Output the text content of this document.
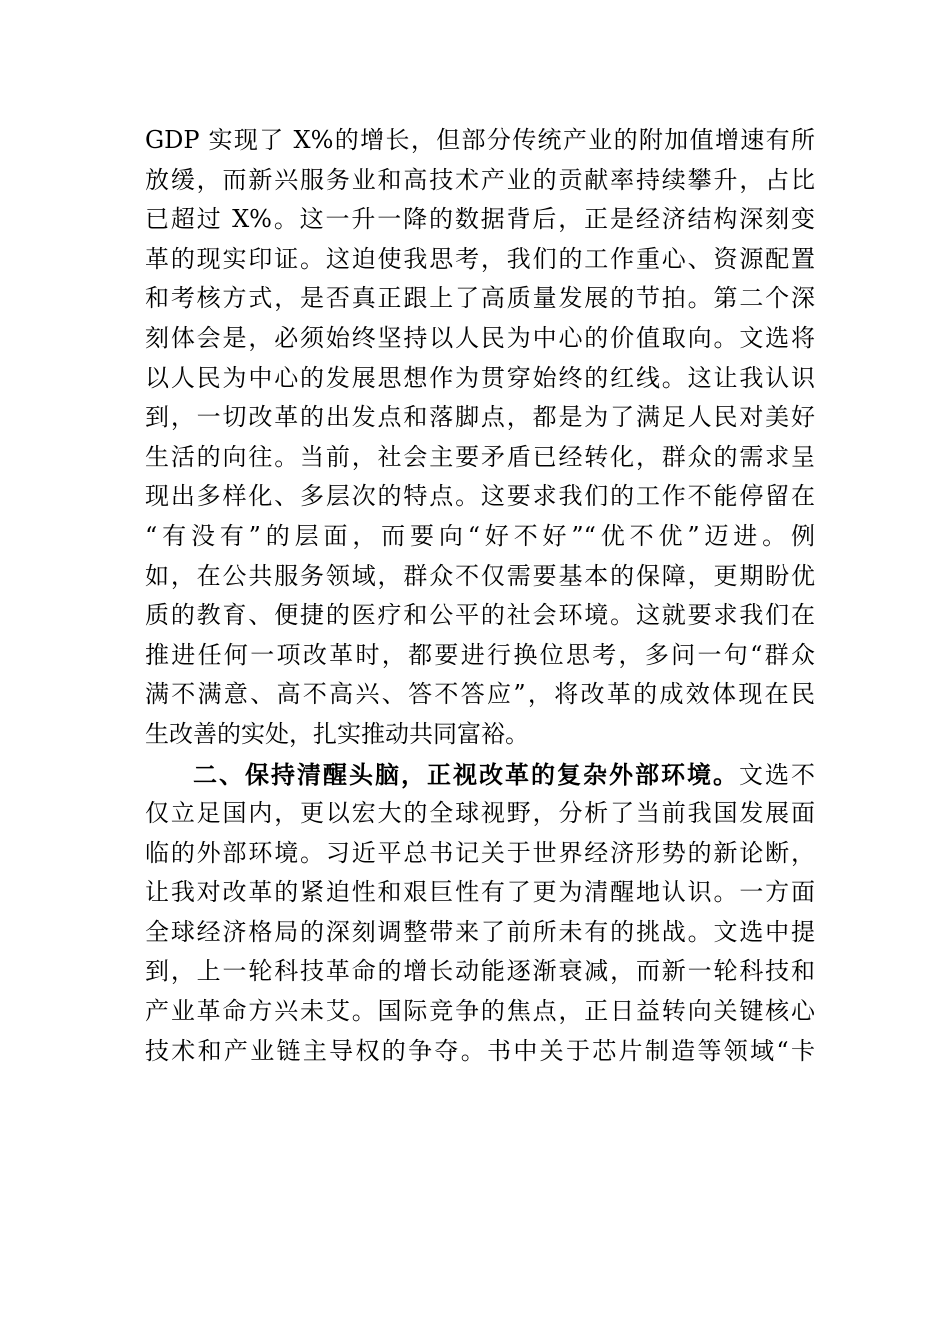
GDP 实现了 X%的增长，但部分传统产业的附加值增速有所
放缓，而新兴服务业和高技术产业的贡献率持续攀升，占比
已超过 X%。这一升一降的数据背后，正是经济结构深刻变
革的现实印证。这迫使我思考，我们的工作重心、资源配置
和考核方式，是否真正跟上了高质量发展的节拍。第二个深
刻体会是，必须始终坚持以人民为中心的价值取向。文选将
以人民为中心的发展思想作为贯穿始终的红线。这让我认识
到，一切改革的出发点和落脚点，都是为了满足人民对美好
生活的向往。当前，社会主要矛盾已经转化，群众的需求呈
现出多样化、多层次的特点。这要求我们的工作不能停留在
“有没有”的层面，而要向“好不好”“优不优”迈进。例
如，在公共服务领域，群众不仅需要基本的保障，更期盼优
质的教育、便捷的医疗和公平的社会环境。这就要求我们在
推进任何一项改革时，都要进行换位思考，多问一句“群众
满不满意、高不高兴、答不答应”，将改革的成效体现在民
生改善的实处，扎实推动共同富裕。
二、保持清醒头脑，正视改革的复杂外部环境。文选不
仅立足国内，更以宏大的全球视野，分析了当前我国发展面
临的外部环境。习近平总书记关于世界经济形势的新论断，
让我对改革的紧迫性和艰巨性有了更为清醒地认识。一方面
全球经济格局的深刻调整带来了前所未有的挑战。文选中提
到，上一轮科技革命的增长动能逐渐衰减，而新一轮科技和
产业革命方兴未艾。国际竞争的焦点，正日益转向关键核心
技术和产业链主导权的争夺。书中关于芯片制造等领域“卡
